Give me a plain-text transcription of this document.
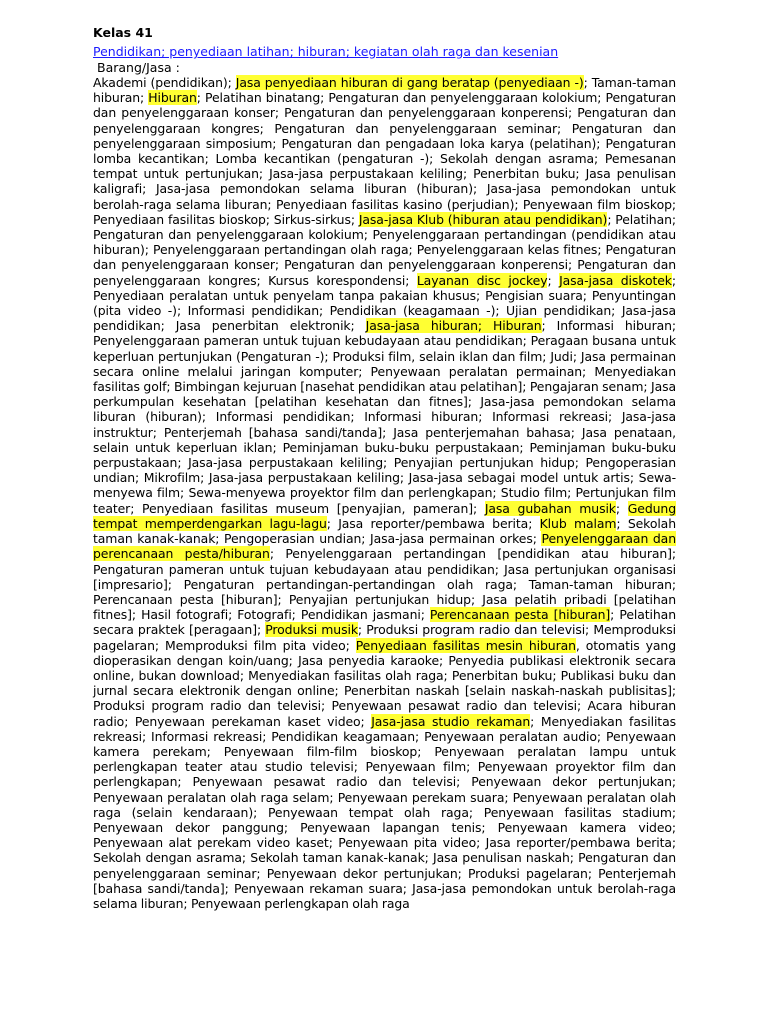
Kelas 41
Pendidikan; penyediaan latihan; hiburan; kegiatan olah raga dan kesenian
Barang/Jasa :
Akademi (pendidikan); Jasa penyediaan hiburan di gang beratap (penyediaan -); Taman-taman hiburan; Hiburan; Pelatihan binatang; Pengaturan dan penyelenggaraan kolokium; Pengaturan dan penyelenggaraan konser; Pengaturan dan penyelenggaraan konperensi; Pengaturan dan penyelenggaraan kongres; Pengaturan dan penyelenggaraan seminar; Pengaturan dan penyelenggaraan simposium; Pengaturan dan pengadaan loka karya (pelatihan); Pengaturan lomba kecantikan; Lomba kecantikan (pengaturan -); Sekolah dengan asrama; Pemesanan tempat untuk pertunjukan; Jasa-jasa perpustakaan keliling; Penerbitan buku; Jasa penulisan kaligrafi; Jasa-jasa pemondokan selama liburan (hiburan); Jasa-jasa pemondokan untuk berolah-raga selama liburan; Penyediaan fasilitas kasino (perjudian); Penyewaan film bioskop; Penyediaan fasilitas bioskop; Sirkus-sirkus; Jasa-jasa Klub (hiburan atau pendidikan); Pelatihan; Pengaturan dan penyelenggaraan kolokium; Penyelenggaraan pertandingan (pendidikan atau hiburan); Penyelenggaraan pertandingan olah raga; Penyelenggaraan kelas fitnes; Pengaturan dan penyelenggaraan konser; Pengaturan dan penyelenggaraan konperensi; Pengaturan dan penyelenggaraan kongres; Kursus korespondensi; Layanan disc jockey; Jasa-jasa diskotek; Penyediaan peralatan untuk penyelam tanpa pakaian khusus; Pengisian suara; Penyuntingan (pita video -); Informasi pendidikan; Pendidikan (keagamaan -); Ujian pendidikan; Jasa-jasa pendidikan; Jasa penerbitan elektronik; Jasa-jasa hiburan; Hiburan; Informasi hiburan; Penyelenggaraan pameran untuk tujuan kebudayaan atau pendidikan; Peragaan busana untuk keperluan pertunjukan (Pengaturan -); Produksi film, selain iklan dan film; Judi; Jasa permainan secara online melalui jaringan komputer; Penyewaan peralatan permainan; Menyediakan fasilitas golf; Bimbingan kejuruan [nasehat pendidikan atau pelatihan]; Pengajaran senam; Jasa perkumpulan kesehatan [pelatihan kesehatan dan fitnes]; Jasa-jasa pemondokan selama liburan (hiburan); Informasi pendidikan; Informasi hiburan; Informasi rekreasi; Jasa-jasa instruktur; Penterjemah [bahasa sandi/tanda]; Jasa penterjemahan bahasa; Jasa penataan, selain untuk keperluan iklan; Peminjaman buku-buku perpustakaan; Peminjaman buku-buku perpustakaan; Jasa-jasa perpustakaan keliling; Penyajian pertunjukan hidup; Pengoperasian undian; Mikrofilm; Jasa-jasa perpustakaan keliling; Jasa-jasa sebagai model untuk artis; Sewa-menyewa film; Sewa-menyewa proyektor film dan perlengkapan; Studio film; Pertunjukan film teater; Penyediaan fasilitas museum [penyajian, pameran]; Jasa gubahan musik; Gedung tempat memperdengarkan lagu-lagu; Jasa reporter/pembawa berita; Klub malam; Sekolah taman kanak-kanak; Pengoperasian undian; Jasa-jasa permainan orkes; Penyelenggaraan dan perencanaan pesta/hiburan; Penyelenggaraan pertandingan [pendidikan atau hiburan]; Pengaturan pameran untuk tujuan kebudayaan atau pendidikan; Jasa pertunjukan organisasi [impresario]; Pengaturan pertandingan-pertandingan olah raga; Taman-taman hiburan; Perencanaan pesta [hiburan]; Penyajian pertunjukan hidup; Jasa pelatih pribadi [pelatihan fitnes]; Hasil fotografi; Fotografi; Pendidikan jasmani; Perencanaan pesta [hiburan]; Pelatihan secara praktek [peragaan]; Produksi musik; Produksi program radio dan televisi; Memproduksi pagelaran; Memproduksi film pita video; Penyediaan fasilitas mesin hiburan, otomatis yang dioperasikan dengan koin/uang; Jasa penyedia karaoke; Penyedia publikasi elektronik secara online, bukan download; Menyediakan fasilitas olah raga; Penerbitan buku; Publikasi buku dan jurnal secara elektronik dengan online; Penerbitan naskah [selain naskah-naskah publisitas]; Produksi program radio dan televisi; Penyewaan pesawat radio dan televisi; Acara hiburan radio; Penyewaan perekaman kaset video; Jasa-jasa studio rekaman; Menyediakan fasilitas rekreasi; Informasi rekreasi; Pendidikan keagamaan; Penyewaan peralatan audio; Penyewaan kamera perekam; Penyewaan film-film bioskop; Penyewaan peralatan lampu untuk perlengkapan teater atau studio televisi; Penyewaan film; Penyewaan proyektor film dan perlengkapan; Penyewaan pesawat radio dan televisi; Penyewaan dekor pertunjukan; Penyewaan peralatan olah raga selam; Penyewaan perekam suara; Penyewaan peralatan olah raga (selain kendaraan); Penyewaan tempat olah raga; Penyewaan fasilitas stadium; Penyewaan dekor panggung; Penyewaan lapangan tenis; Penyewaan kamera video; Penyewaan alat perekam video kaset; Penyewaan pita video; Jasa reporter/pembawa berita; Sekolah dengan asrama; Sekolah taman kanak-kanak; Jasa penulisan naskah; Pengaturan dan penyelenggaraan seminar; Penyewaan dekor pertunjukan; Produksi pagelaran; Penterjemah [bahasa sandi/tanda]; Penyewaan rekaman suara; Jasa-jasa pemondokan untuk berolah-raga selama liburan; Penyewaan perlengkapan olah raga
